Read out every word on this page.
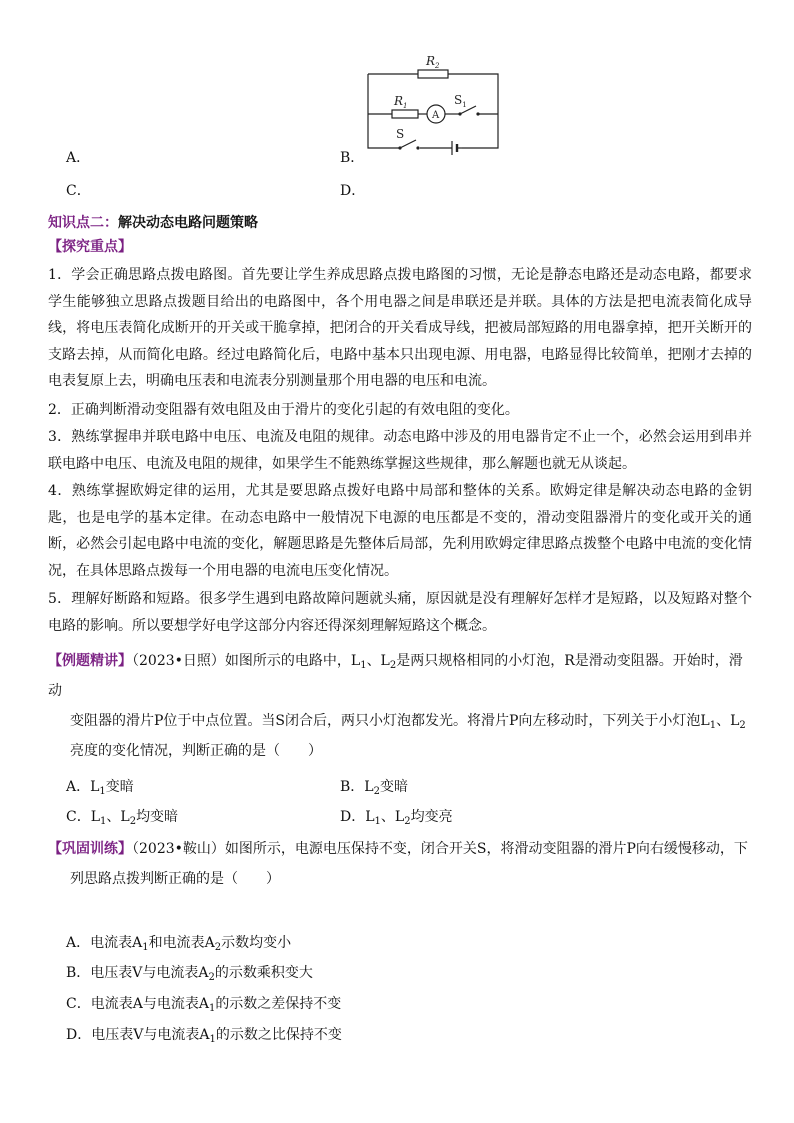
A．	B．
C．	D．
$R_2$
$R_1$
A
$S_1$
S
知识点二：解决动态电路问题策略
【探究重点】
1．学会正确思路点拨电路图。首先要让学生养成思路点拨电路图的习惯，无论是静态电路还是动态电路，都要求学生能够独立思路点拨题目给出的电路图中，各个用电器之间是串联还是并联。具体的方法是把电流表简化成导线，将电压表简化成断开的开关或干脆拿掉，把闭合的开关看成导线，把被局部短路的用电器拿掉，把开关断开的支路去掉，从而简化电路。经过电路简化后，电路中基本只出现电源、用电器，电路显得比较简单，把刚才去掉的电表复原上去，明确电压表和电流表分别测量那个用电器的电压和电流。
2．正确判断滑动变阻器有效电阻及由于滑片的变化引起的有效电阻的变化。
3．熟练掌握串并联电路中电压、电流及电阻的规律。动态电路中涉及的用电器肯定不止一个，必然会运用到串并联电路中电压、电流及电阻的规律，如果学生不能熟练掌握这些规律，那么解题也就无从谈起。
4．熟练掌握欧姆定律的运用，尤其是要思路点拨好电路中局部和整体的关系。欧姆定律是解决动态电路的金钥匙，也是电学的基本定律。在动态电路中一般情况下电源的电压都是不变的，滑动变阻器滑片的变化或开关的通断，必然会引起电路中电流的变化，解题思路是先整体后局部，先利用欧姆定律思路点拨整个电路中电流的变化情况，在具体思路点拨每一个用电器的电流电压变化情况。
5．理解好断路和短路。很多学生遇到电路故障问题就头痛，原因就是没有理解好怎样才是短路，以及短路对整个电路的影响。所以要想学好电学这部分内容还得深刻理解短路这个概念。
【例题精讲】（2023•日照）如图所示的电路中，$L_1$、$L_2$是两只规格相同的小灯泡，R是滑动变阻器。开始时，滑动
变阻器的滑片P位于中点位置。当S闭合后，两只小灯泡都发光。将滑片P向左移动时，下列关于小灯泡$L_1$、$L_2$
亮度的变化情况，判断正确的是（　　）
A．$L_1$变暗	B．$L_2$变暗
C．$L_1$、$L_2$均变暗	D．$L_1$、$L_2$均变亮
【巩固训练】（2023•鞍山）如图所示，电源电压保持不变，闭合开关S，将滑动变阻器的滑片P向右缓慢移动，下
列思路点拨判断正确的是（　　）
A．电流表$A_1$和电流表$A_2$示数均变小
B．电压表V与电流表$A_2$的示数乘积变大
C．电流表A与电流表$A_1$的示数之差保持不变
D．电压表V与电流表$A_1$的示数之比保持不变
